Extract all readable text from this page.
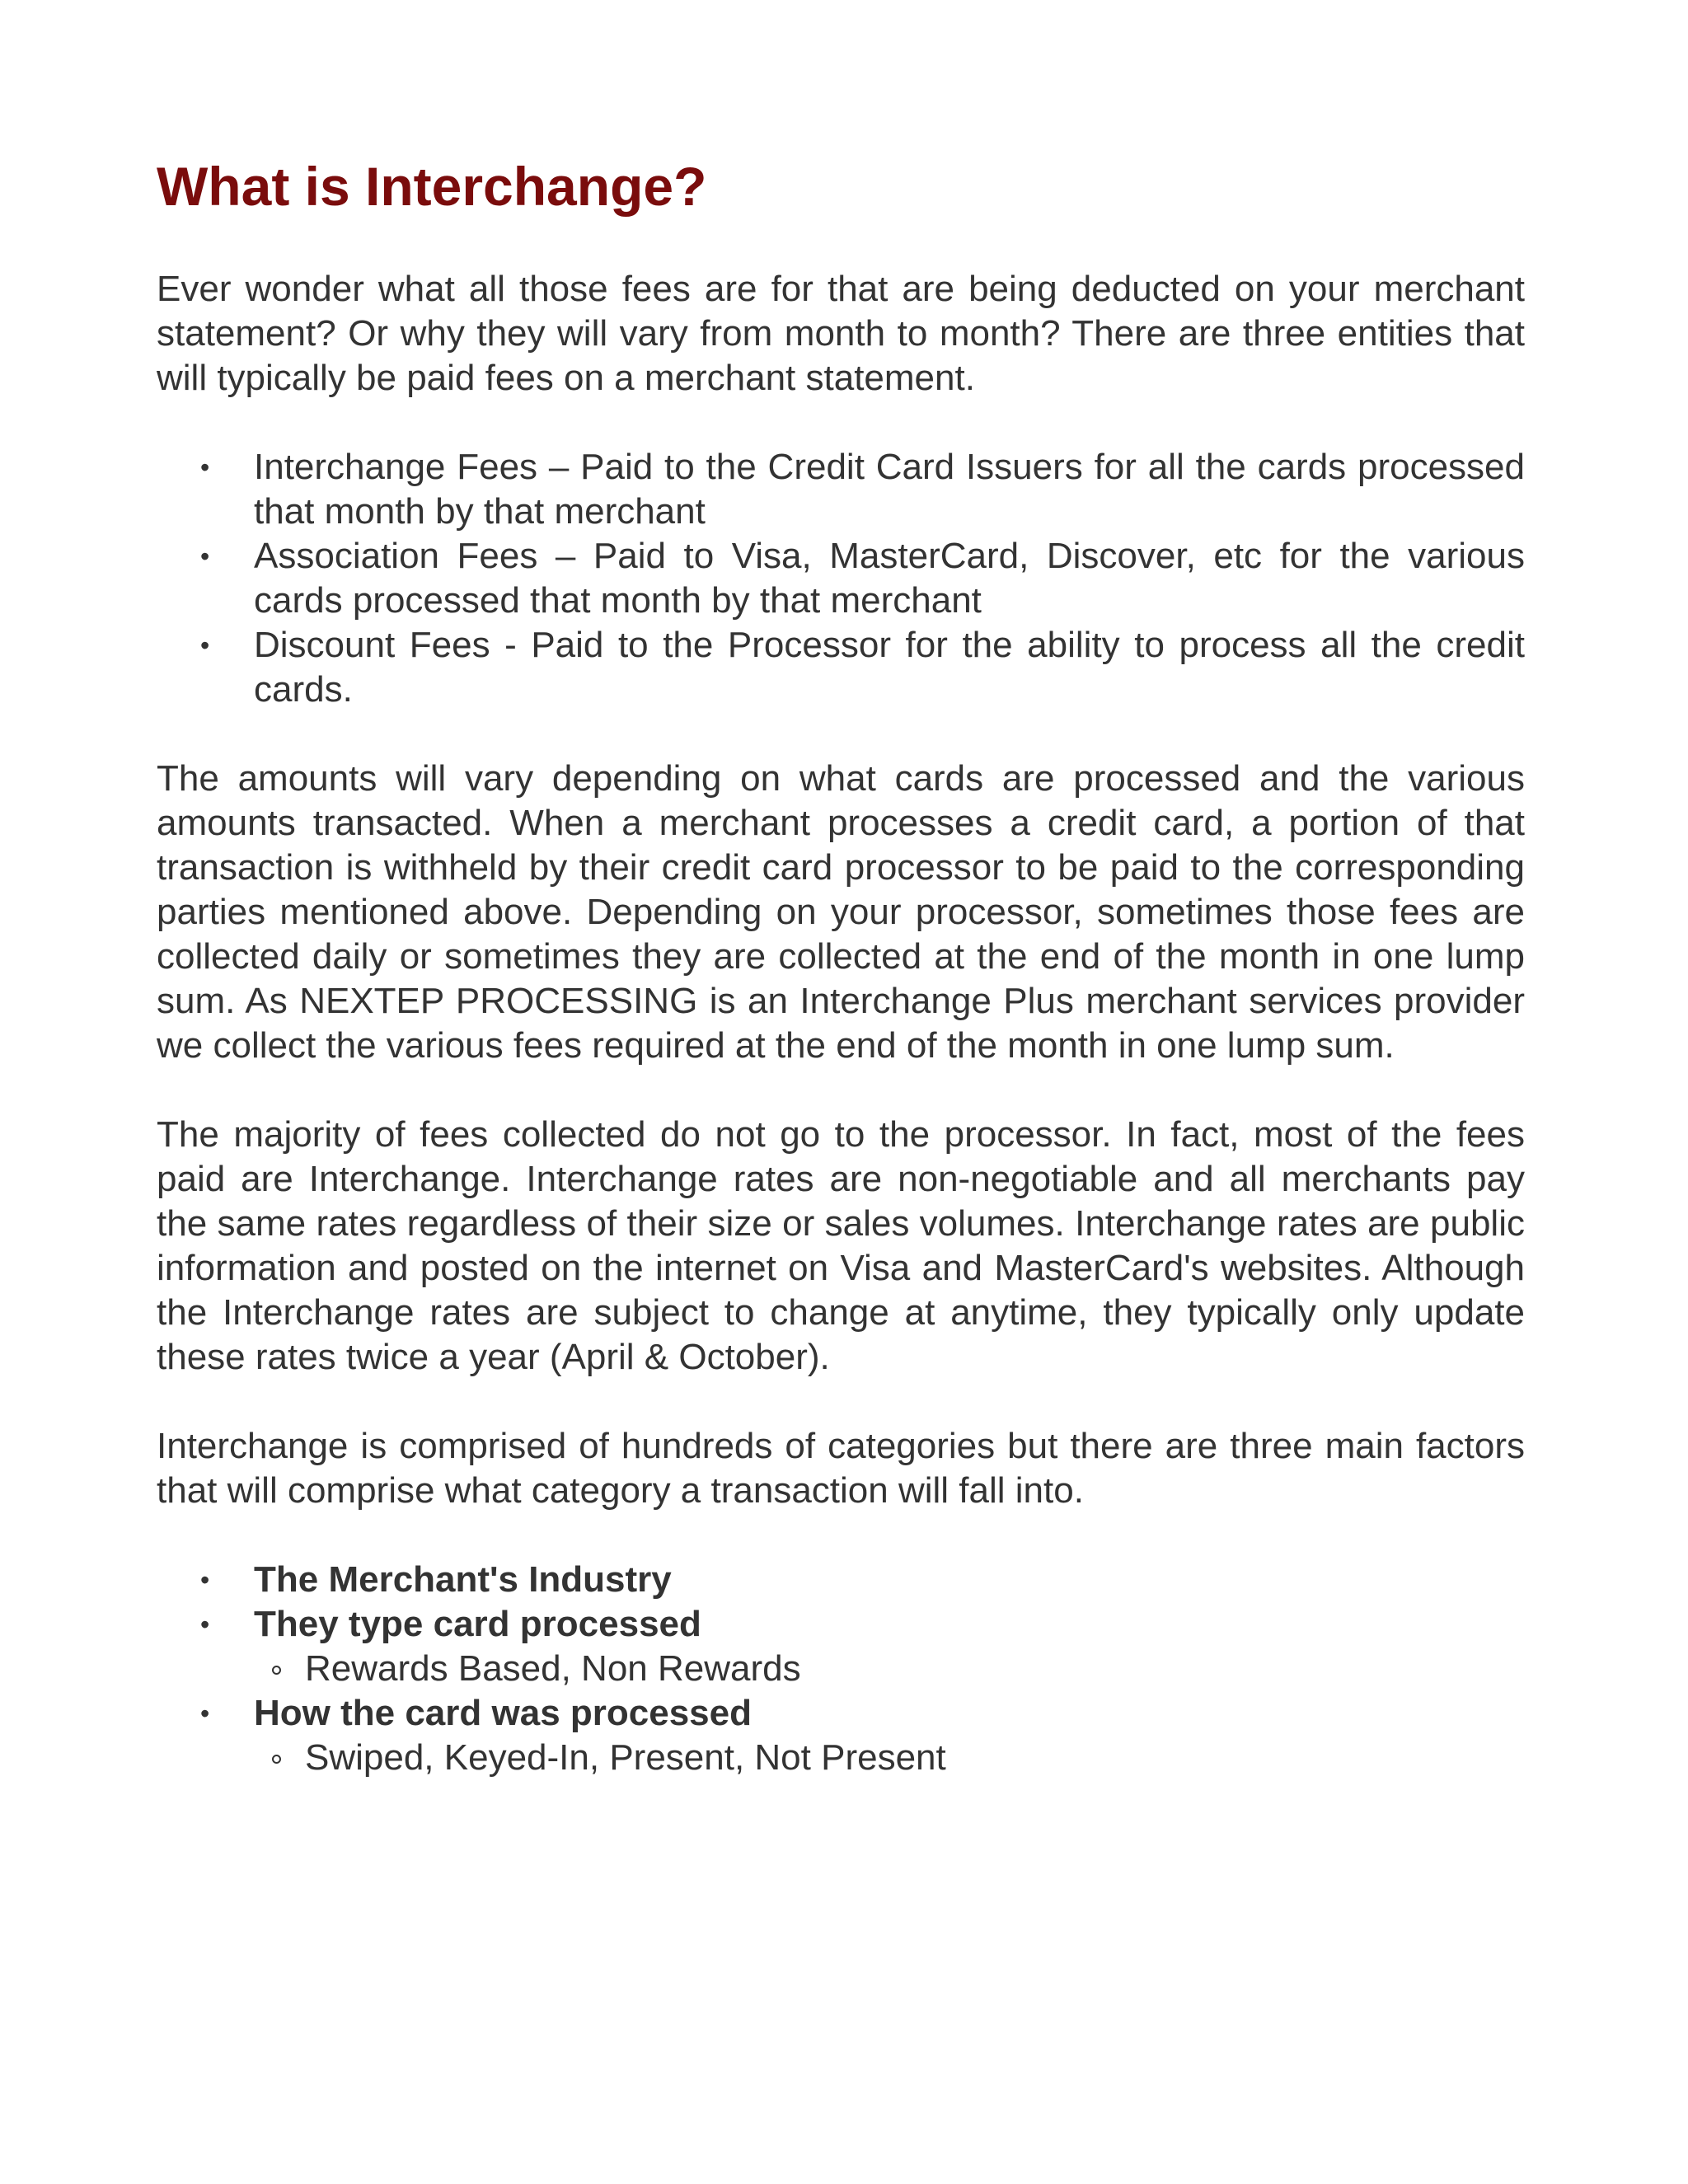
What is Interchange?

Ever wonder what all those fees are for that are being deducted on your merchant statement? Or why they will vary from month to month? There are three entities that will typically be paid fees on a merchant statement.

• Interchange Fees – Paid to the Credit Card Issuers for all the cards processed that month by that merchant
• Association Fees – Paid to Visa, MasterCard, Discover, etc for the various cards processed that month by that merchant
• Discount Fees - Paid to the Processor for the ability to process all the credit cards.

The amounts will vary depending on what cards are processed and the various amounts transacted. When a merchant processes a credit card, a portion of that transaction is withheld by their credit card processor to be paid to the corresponding parties mentioned above. Depending on your processor, sometimes those fees are collected daily or sometimes they are collected at the end of the month in one lump sum. As NEXTEP PROCESSING is an Interchange Plus merchant services provider we collect the various fees required at the end of the month in one lump sum.

The majority of fees collected do not go to the processor. In fact, most of the fees paid are Interchange. Interchange rates are non-negotiable and all merchants pay the same rates regardless of their size or sales volumes. Interchange rates are public information and posted on the internet on Visa and MasterCard's websites. Although the Interchange rates are subject to change at anytime, they typically only update these rates twice a year (April & October).

Interchange is comprised of hundreds of categories but there are three main factors that will comprise what category a transaction will fall into.

• The Merchant's Industry
• They type card processed
Rewards Based, Non Rewards
• How the card was processed
Swiped, Keyed-In, Present, Not Present
